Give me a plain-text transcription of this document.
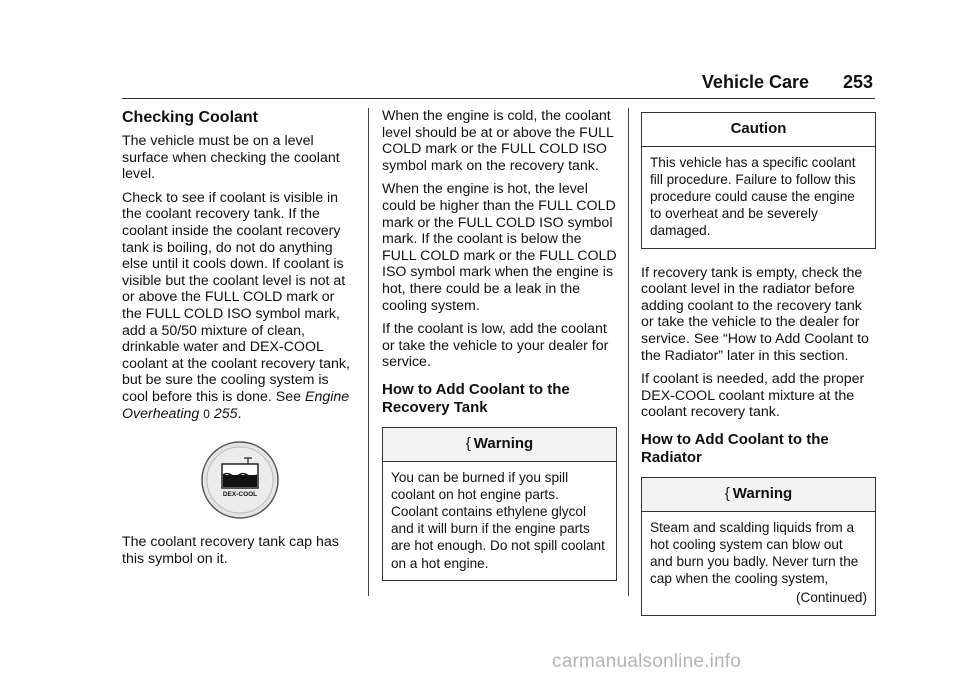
Vehicle Care 253
Checking Coolant

The vehicle must be on a level surface when checking the coolant level.

Check to see if coolant is visible in the coolant recovery tank. If the coolant inside the coolant recovery tank is boiling, do not do anything else until it cools down. If coolant is visible but the coolant level is not at or above the FULL COLD mark or the FULL COLD ISO symbol mark, add a 50/50 mixture of clean, drinkable water and DEX-COOL coolant at the coolant recovery tank, but be sure the cooling system is cool before this is done. See Engine Overheating 0 255.

DEX-COOL

The coolant recovery tank cap has this symbol on it.

When the engine is cold, the coolant level should be at or above the FULL COLD mark or the FULL COLD ISO symbol mark on the recovery tank.

When the engine is hot, the level could be higher than the FULL COLD mark or the FULL COLD ISO symbol mark. If the coolant is below the FULL COLD mark or the FULL COLD ISO symbol mark when the engine is hot, there could be a leak in the cooling system.

If the coolant is low, add the coolant or take the vehicle to your dealer for service.

How to Add Coolant to the Recovery Tank
{ Warning
You can be burned if you spill coolant on hot engine parts. Coolant contains ethylene glycol and it will burn if the engine parts are hot enough. Do not spill coolant on a hot engine.
Caution
This vehicle has a specific coolant fill procedure. Failure to follow this procedure could cause the engine to overheat and be severely damaged.

If recovery tank is empty, check the coolant level in the radiator before adding coolant to the recovery tank or take the vehicle to the dealer for service. See “How to Add Coolant to the Radiator” later in this section.

If coolant is needed, add the proper DEX-COOL coolant mixture at the coolant recovery tank.

How to Add Coolant to the Radiator
{ Warning
Steam and scalding liquids from a hot cooling system can blow out and burn you badly. Never turn the cap when the cooling system,
(Continued)
carmanualsonline.info
